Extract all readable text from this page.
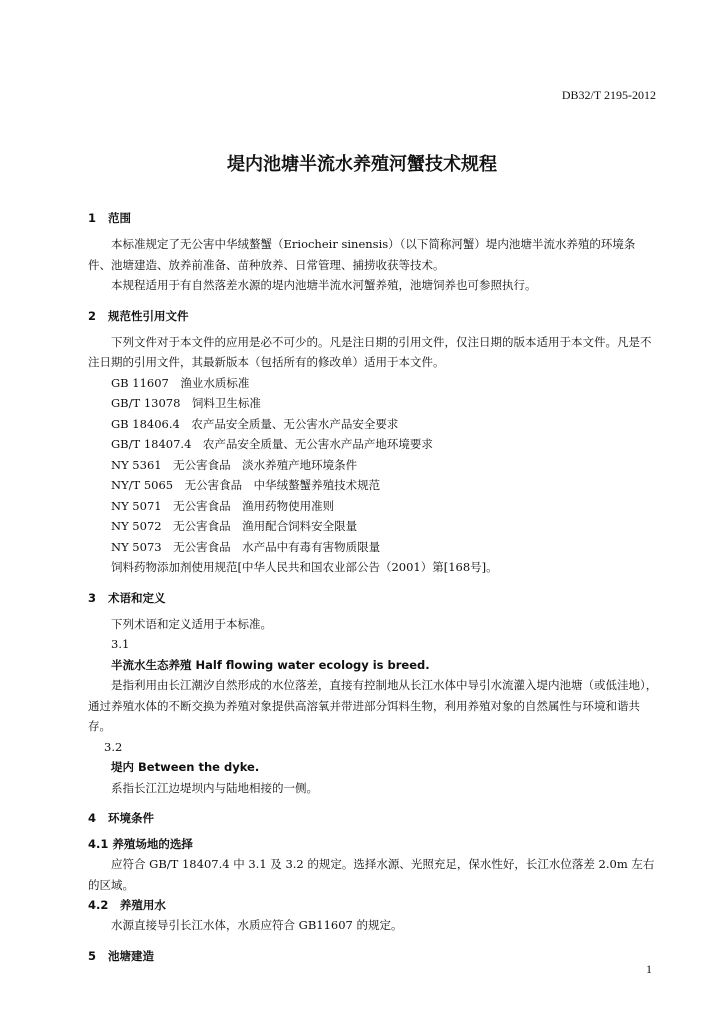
DB32/T 2195-2012
堤内池塘半流水养殖河蟹技术规程
1 范围

本标准规定了无公害中华绒螯蟹（Eriocheir sinensis）（以下简称河蟹）堤内池塘半流水养殖的环境条件、池塘建造、放养前准备、苗种放养、日常管理、捕捞收获等技术。

本规程适用于有自然落差水源的堤内池塘半流水河蟹养殖，池塘饲养也可参照执行。

2 规范性引用文件

下列文件对于本文件的应用是必不可少的。凡是注日期的引用文件，仅注日期的版本适用于本文件。凡是不注日期的引用文件，其最新版本（包括所有的修改单）适用于本文件。

GB 11607　渔业水质标准

GB/T 13078　饲料卫生标准

GB 18406.4　农产品安全质量、无公害水产品安全要求

GB/T 18407.4　农产品安全质量、无公害水产品产地环境要求

NY 5361　无公害食品　淡水养殖产地环境条件

NY/T 5065　无公害食品　中华绒螯蟹养殖技术规范

NY 5071　无公害食品　渔用药物使用准则

NY 5072　无公害食品　渔用配合饲料安全限量

NY 5073　无公害食品　水产品中有毒有害物质限量

饲料药物添加剂使用规范[中华人民共和国农业部公告（2001）第[168号]。

3 术语和定义

下列术语和定义适用于本标准。

3.1

半流水生态养殖 Half flowing water ecology is breed.

是指利用由长江潮汐自然形成的水位落差，直接有控制地从长江水体中导引水流灌入堤内池塘（或低洼地），通过养殖水体的不断交换为养殖对象提供高溶氧并带进部分饵料生物，利用养殖对象的自然属性与环境和谐共存。

3.2

堤内 Between the dyke.

系指长江江边堤坝内与陆地相接的一侧。

4 环境条件
4.1 养殖场地的选择

应符合 GB/T 18407.4 中 3.1 及 3.2 的规定。选择水源、光照充足，保水性好，长江水位落差 2.0m 左右的区域。

4.2　养殖用水

水源直接导引长江水体，水质应符合 GB11607 的规定。

5 池塘建造
1
